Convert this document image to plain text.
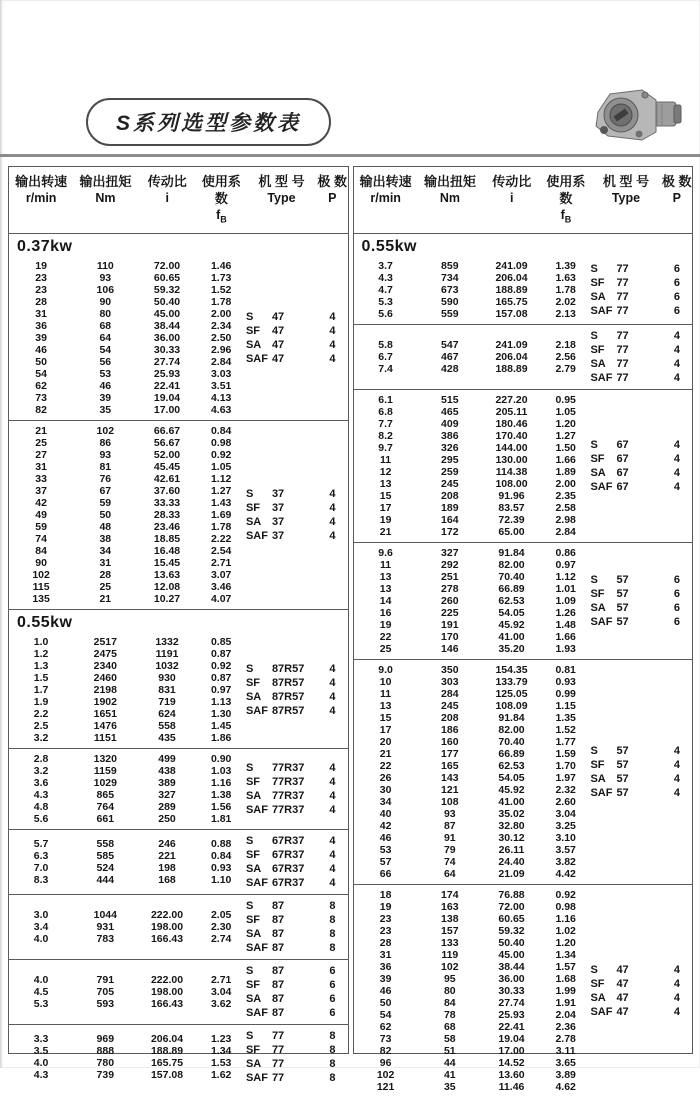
S系列选型参数表
输出转速
r/min
输出扭矩
Nm
传动比
i
使用系数
$f_B$
机 型 号
Type
极 数
P
0.37kw
19	110	72.00	1.46
23	93	60.65	1.73
23	106	59.32	1.52
28	90	50.40	1.78
31	80	45.00	2.00
36	68	38.44	2.34
39	64	36.00	2.50
46	54	30.33	2.96
50	56	27.74	2.84
54	53	25.93	3.03
62	46	22.41	3.51
73	39	19.04	4.13
82	35	17.00	4.63
S	47	4
SF	47	4
SA 47	4
SAF 47	4
21	102	66.67	0.84
25	86	56.67	0.98
27	93	52.00	0.92
31	81	45.45	1.05
33	76	42.61	1.12
37	67	37.60	1.27
42	59	33.33	1.43
49	50	28.33	1.69
59	48	23.46	1.78
74	38	18.85	2.22
84	34	16.48	2.54
90	31	15.45	2.71
102	28	13.63	3.07
115	25	12.08	3.46
135	21	10.27	4.07
S	37	4
SF	37	4
SA 37	4
SAF 37	4
0.55kw
1.0	2517	1332	0.85
1.2	2475	1191	0.87
1.3	2340	1032	0.92
1.5	2460	930	0.87
1.7	2198	831	0.97
1.9	1902	719	1.13
2.2	1651	624	1.30
2.5	1476	558	1.45
3.2	1151	435	1.86
S	87R57 4
SF	87R57 4
SA 87R57 4
SAF 87R57 4
2.8	1320	499	0.90
3.2	1159	438	1.03
3.6	1029	389	1.16
4.3	865	327	1.38
4.8	764	289	1.56
5.6	661	250	1.81
S	77R37 4
SF	77R37 4
SA 77R37 4
SAF 77R37 4
5.7	558	246	0.88
6.3	585	221	0.84
7.0	524	198	0.93
8.3	444	168	1.10
S	67R37 4
SF	67R37 4
SA 67R37 4
SAF 67R37 4
3.0	1044	222.00	2.05
3.4	931	198.00	2.30
4.0	783	166.43	2.74
S	87	8
SF	87	8
SA 87	8
SAF 87	8
4.0	791	222.00	2.71
4.5	705	198.00	3.04
5.3	593	166.43	3.62
S	87	6
SF	87	6
SA 87	6
SAF 87	6
3.3	969	206.04	1.23
3.5	888	188.89	1.34
4.0	780	165.75	1.53
4.3	739	157.08	1.62
S	77	8
SF	77	8
SA 77	8
SAF 77	8
输出转速
r/min
输出扭矩
Nm
传动比
i
使用系数
$f_B$
机 型 号
Type
极 数
P
0.55kw
3.7	859	241.09	1.39
4.3	734	206.04	1.63
4.7	673	188.89	1.78
5.3	590	165.75	2.02
5.6	559	157.08	2.13
S	77	6
SF	77	6
SA 77	6
SAF 77	6
5.8	547	241.09	2.18
6.7	467	206.04	2.56
7.4	428	188.89	2.79
S	77	4
SF	77	4
SA 77	4
SAF 77	4
6.1	515	227.20	0.95
6.8	465	205.11	1.05
7.7	409	180.46	1.20
8.2	386	170.40	1.27
9.7	326	144.00	1.50
11	295	130.00	1.66
12	259	114.38	1.89
13	245	108.00	2.00
15	208	91.96	2.35
17	189	83.57	2.58
19	164	72.39	2.98
21	172	65.00	2.84
S	67	4
SF	67	4
SA 67	4
SAF 67	4
9.6	327	91.84	0.86
11	292	82.00	0.97
13	251	70.40	1.12
13	278	66.89	1.01
14	260	62.53	1.09
16	225	54.05	1.26
19	191	45.92	1.48
22	170	41.00	1.66
25	146	35.20	1.93
S	57	6
SF	57	6
SA 57	6
SAF 57	6
9.0	350	154.35	0.81
10	303	133.79	0.93
11	284	125.05	0.99
13	245	108.09	1.15
15	208	91.84	1.35
17	186	82.00	1.52
20	160	70.40	1.77
21	177	66.89	1.59
22	165	62.53	1.70
26	143	54.05	1.97
30	121	45.92	2.32
34	108	41.00	2.60
40	93	35.02	3.04
42	87	32.80	3.25
46	91	30.12	3.10
53	79	26.11	3.57
57	74	24.40	3.82
66	64	21.09	4.42
S	57	4
SF	57	4
SA 57	4
SAF 57	4
18	174	76.88	0.92
19	163	72.00	0.98
23	138	60.65	1.16
23	157	59.32	1.02
28	133	50.40	1.20
31	119	45.00	1.34
36	102	38.44	1.57
39	95	36.00	1.68
46	80	30.33	1.99
50	84	27.74	1.91
54	78	25.93	2.04
62	68	22.41	2.36
73	58	19.04	2.78
82	51	17.00	3.11
96	44	14.52	3.65
102	41	13.60	3.89
121	35	11.46	4.62
S	47	4
SF	47	4
SA 47	4
SAF 47	4
